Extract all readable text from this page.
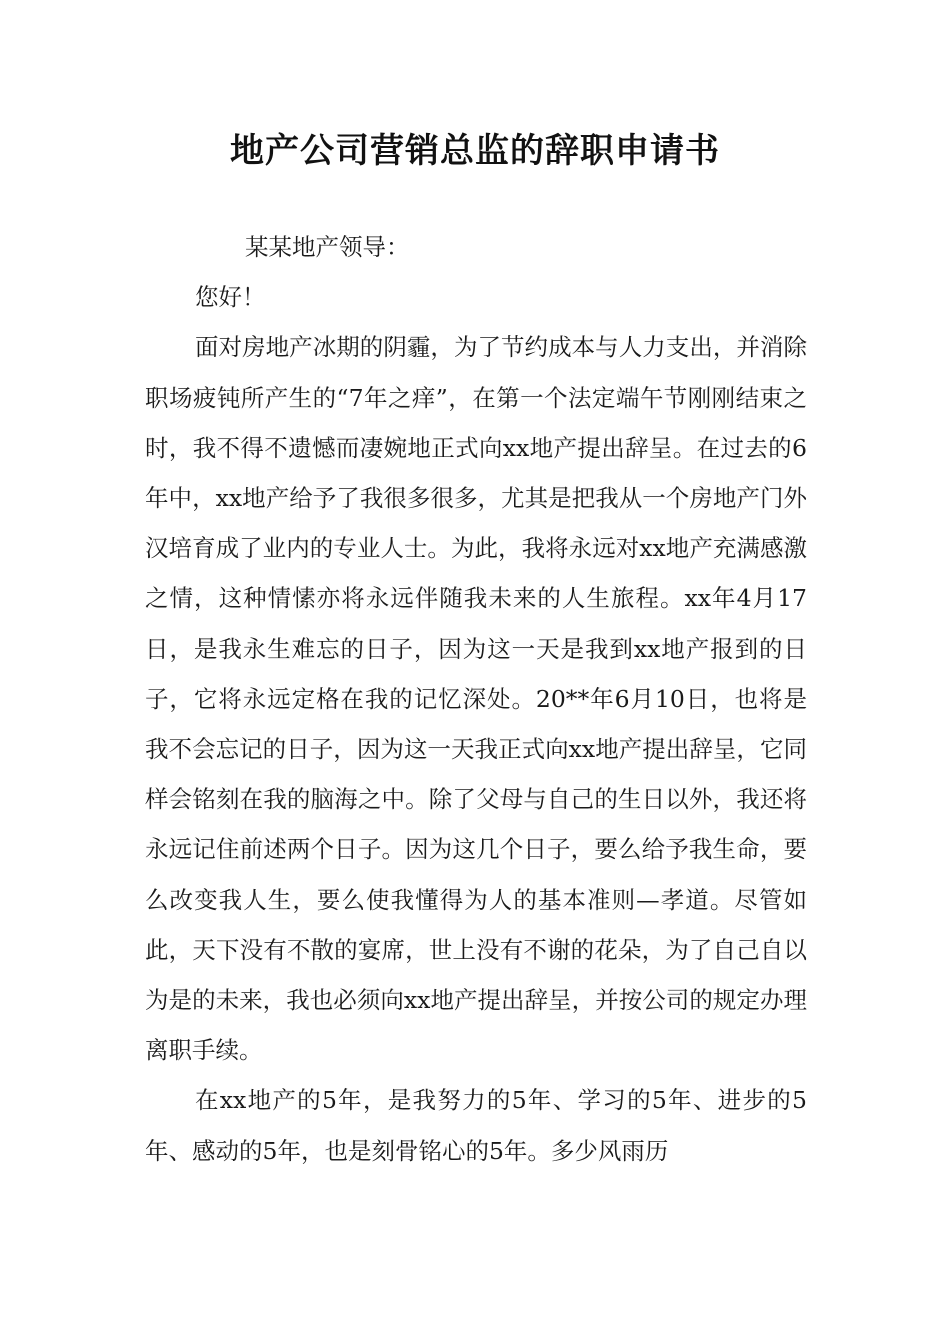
地产公司营销总监的辞职申请书

某某地产领导：

您好！

面对房地产冰期的阴霾，为了节约成本与人力支出，并消除职场疲钝所产生的“7年之痒”，在第一个法定端午节刚刚结束之时，我不得不遗憾而凄婉地正式向xx地产提出辞呈。在过去的6年中，xx地产给予了我很多很多，尤其是把我从一个房地产门外汉培育成了业内的专业人士。为此，我将永远对xx地产充满感激之情，这种情愫亦将永远伴随我未来的人生旅程。xx年4月17日，是我永生难忘的日子，因为这一天是我到xx地产报到的日子，它将永远定格在我的记忆深处。20**年6月10日，也将是我不会忘记的日子，因为这一天我正式向xx地产提出辞呈，它同样会铭刻在我的脑海之中。除了父母与自己的生日以外，我还将永远记住前述两个日子。因为这几个日子，要么给予我生命，要么改变我人生，要么使我懂得为人的基本准则—孝道。尽管如此，天下没有不散的宴席，世上没有不谢的花朵，为了自己自以为是的未来，我也必须向xx地产提出辞呈，并按公司的规定办理离职手续。

在xx地产的5年，是我努力的5年、学习的5年、进步的5年、感动的5年，也是刻骨铭心的5年。多少风雨历
